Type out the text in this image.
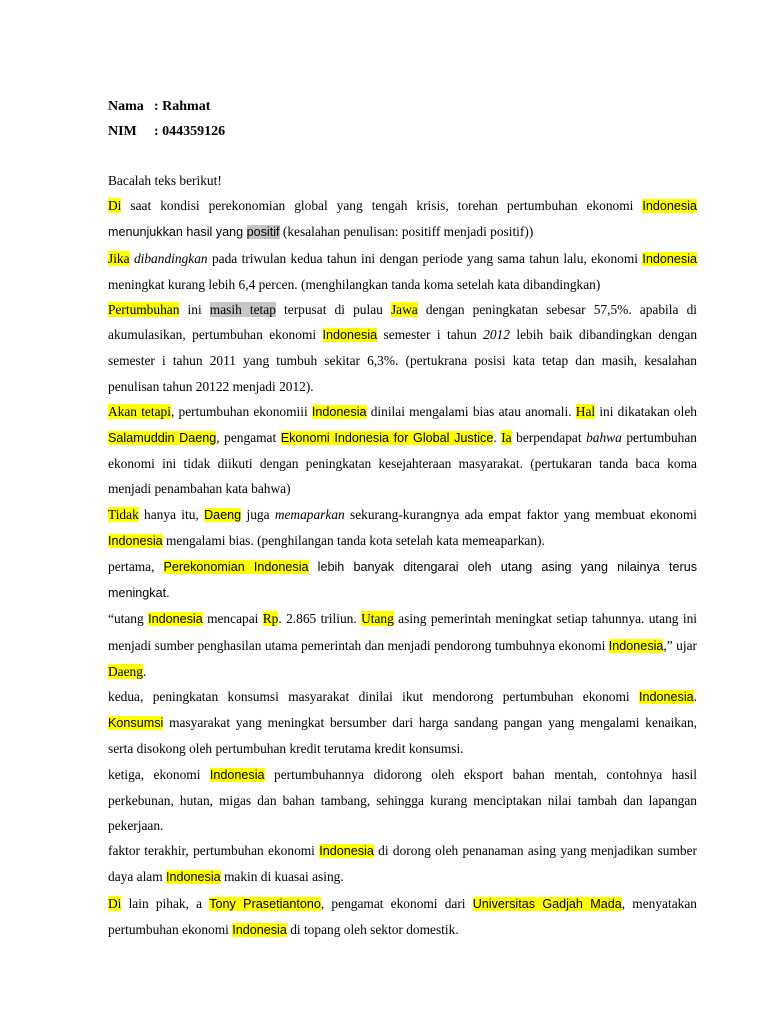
Nama : Rahmat
NIM : 044359126

Bacalah teks berikut!

Di saat kondisi perekonomian global yang tengah krisis, torehan pertumbuhan ekonomi Indonesia menunjukkan hasil yang positif (kesalahan penulisan: positiff menjadi positif))

Jika dibandingkan pada triwulan kedua tahun ini dengan periode yang sama tahun lalu, ekonomi Indonesia meningkat kurang lebih 6,4 percen. (menghilangkan tanda koma setelah kata dibandingkan)

Pertumbuhan ini masih tetap terpusat di pulau Jawa dengan peningkatan sebesar 57,5%. apabila di akumulasikan, pertumbuhan ekonomi Indonesia semester i tahun 2012 lebih baik dibandingkan dengan semester i tahun 2011 yang tumbuh sekitar 6,3%. (pertukrana posisi kata tetap dan masih, kesalahan penulisan tahun 20122 menjadi 2012).

Akan tetapi, pertumbuhan ekonomiii Indonesia dinilai mengalami bias atau anomali. Hal ini dikatakan oleh Salamuddin Daeng, pengamat Ekonomi Indonesia for Global Justice. Ia berpendapat bahwa pertumbuhan ekonomi ini tidak diikuti dengan peningkatan kesejahteraan masyarakat. (pertukaran tanda baca koma menjadi penambahan kata bahwa)

Tidak hanya itu, Daeng juga memaparkan sekurang-kurangnya ada empat faktor yang membuat ekonomi Indonesia mengalami bias. (penghilangan tanda kota setelah kata memeaparkan).

pertama, Perekonomian Indonesia lebih banyak ditengarai oleh utang asing yang nilainya terus meningkat.

“utang Indonesia mencapai Rp. 2.865 triliun. Utang asing pemerintah meningkat setiap tahunnya. utang ini menjadi sumber penghasilan utama pemerintah dan menjadi pendorong tumbuhnya ekonomi Indonesia,” ujar Daeng.

kedua, peningkatan konsumsi masyarakat dinilai ikut mendorong pertumbuhan ekonomi Indonesia. Konsumsi masyarakat yang meningkat bersumber dari harga sandang pangan yang mengalami kenaikan, serta disokong oleh pertumbuhan kredit terutama kredit konsumsi.

ketiga, ekonomi Indonesia pertumbuhannya didorong oleh eksport bahan mentah, contohnya hasil perkebunan, hutan, migas dan bahan tambang, sehingga kurang menciptakan nilai tambah dan lapangan pekerjaan.

faktor terakhir, pertumbuhan ekonomi Indonesia di dorong oleh penanaman asing yang menjadikan sumber daya alam Indonesia makin di kuasai asing.

Di lain pihak, a Tony Prasetiantono, pengamat ekonomi dari Universitas Gadjah Mada, menyatakan pertumbuhan ekonomi Indonesia di topang oleh sektor domestik.
